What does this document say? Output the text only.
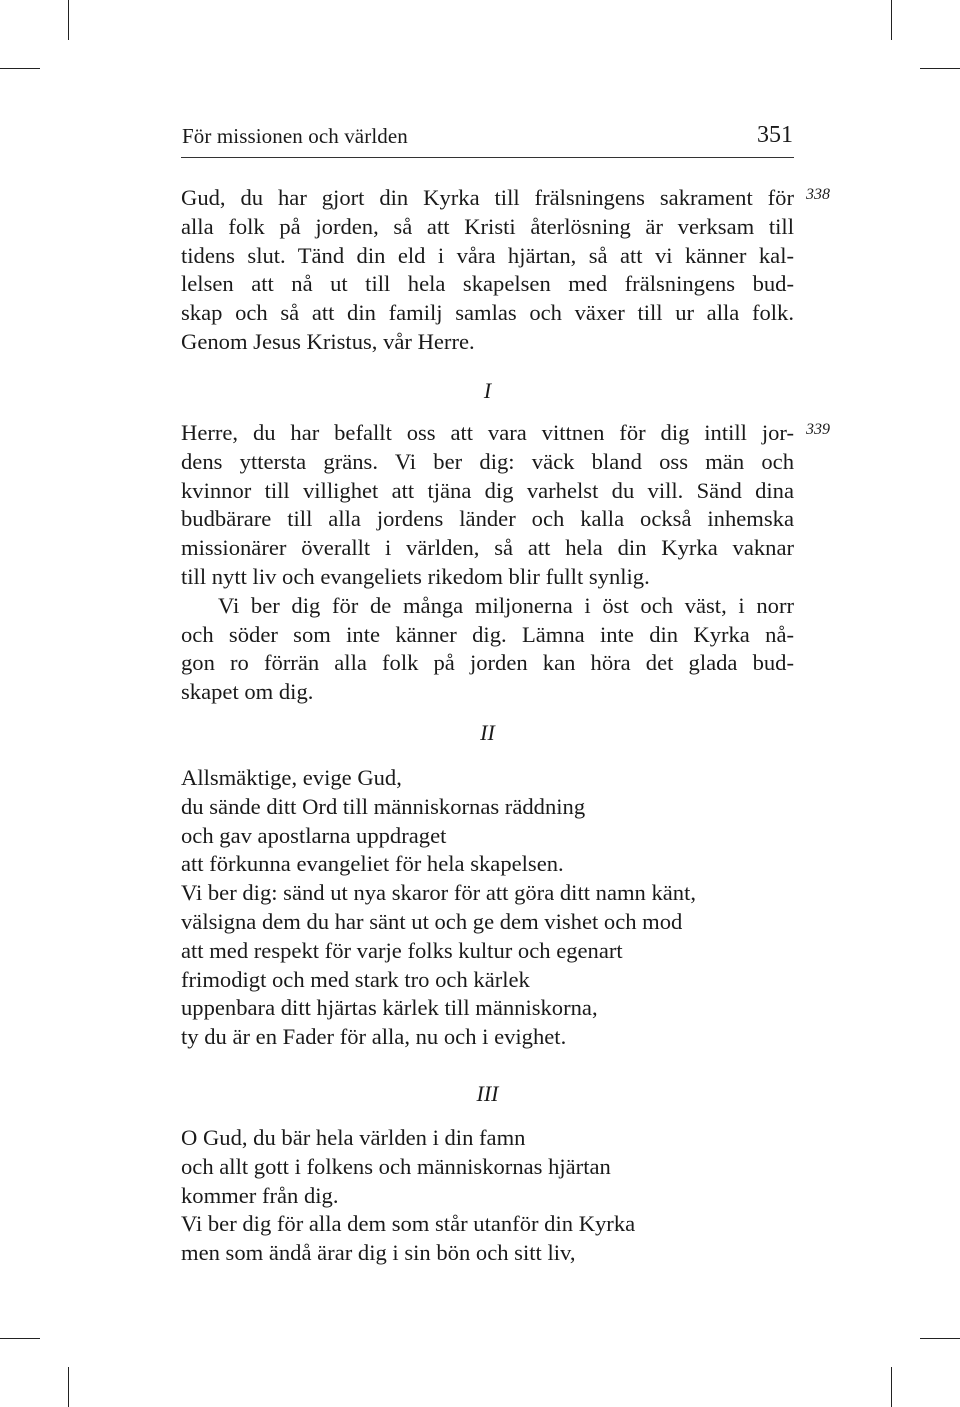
För missionen och världen	351
338
Gud, du har gjort din Kyrka till frälsningens sakrament för
alla folk på jorden, så att Kristi återlösning är verksam till
tidens slut. Tänd din eld i våra hjärtan, så att vi känner kal-
lelsen att nå ut till hela skapelsen med frälsningens bud-
skap och så att din familj samlas och växer till ur alla folk.
Genom Jesus Kristus, vår Herre.
I
339
Herre, du har befallt oss att vara vittnen för dig intill jor-
dens yttersta gräns. Vi ber dig: väck bland oss män och
kvinnor till villighet att tjäna dig varhelst du vill. Sänd dina
budbärare till alla jordens länder och kalla också inhemska
missionärer överallt i världen, så att hela din Kyrka vaknar
till nytt liv och evangeliets rikedom blir fullt synlig.
Vi ber dig för de många miljonerna i öst och väst, i norr
och söder som inte känner dig. Lämna inte din Kyrka nå-
gon ro förrän alla folk på jorden kan höra det glada bud-
skapet om dig.
II
Allsmäktige, evige Gud,
du sände ditt Ord till människornas räddning
och gav apostlarna uppdraget
att förkunna evangeliet för hela skapelsen.
Vi ber dig: sänd ut nya skaror för att göra ditt namn känt,
välsigna dem du har sänt ut och ge dem vishet och mod
att med respekt för varje folks kultur och egenart
frimodigt och med stark tro och kärlek
uppenbara ditt hjärtas kärlek till människorna,
ty du är en Fader för alla, nu och i evighet.
III
O Gud, du bär hela världen i din famn
och allt gott i folkens och människornas hjärtan
kommer från dig.
Vi ber dig för alla dem som står utanför din Kyrka
men som ändå ärar dig i sin bön och sitt liv,
